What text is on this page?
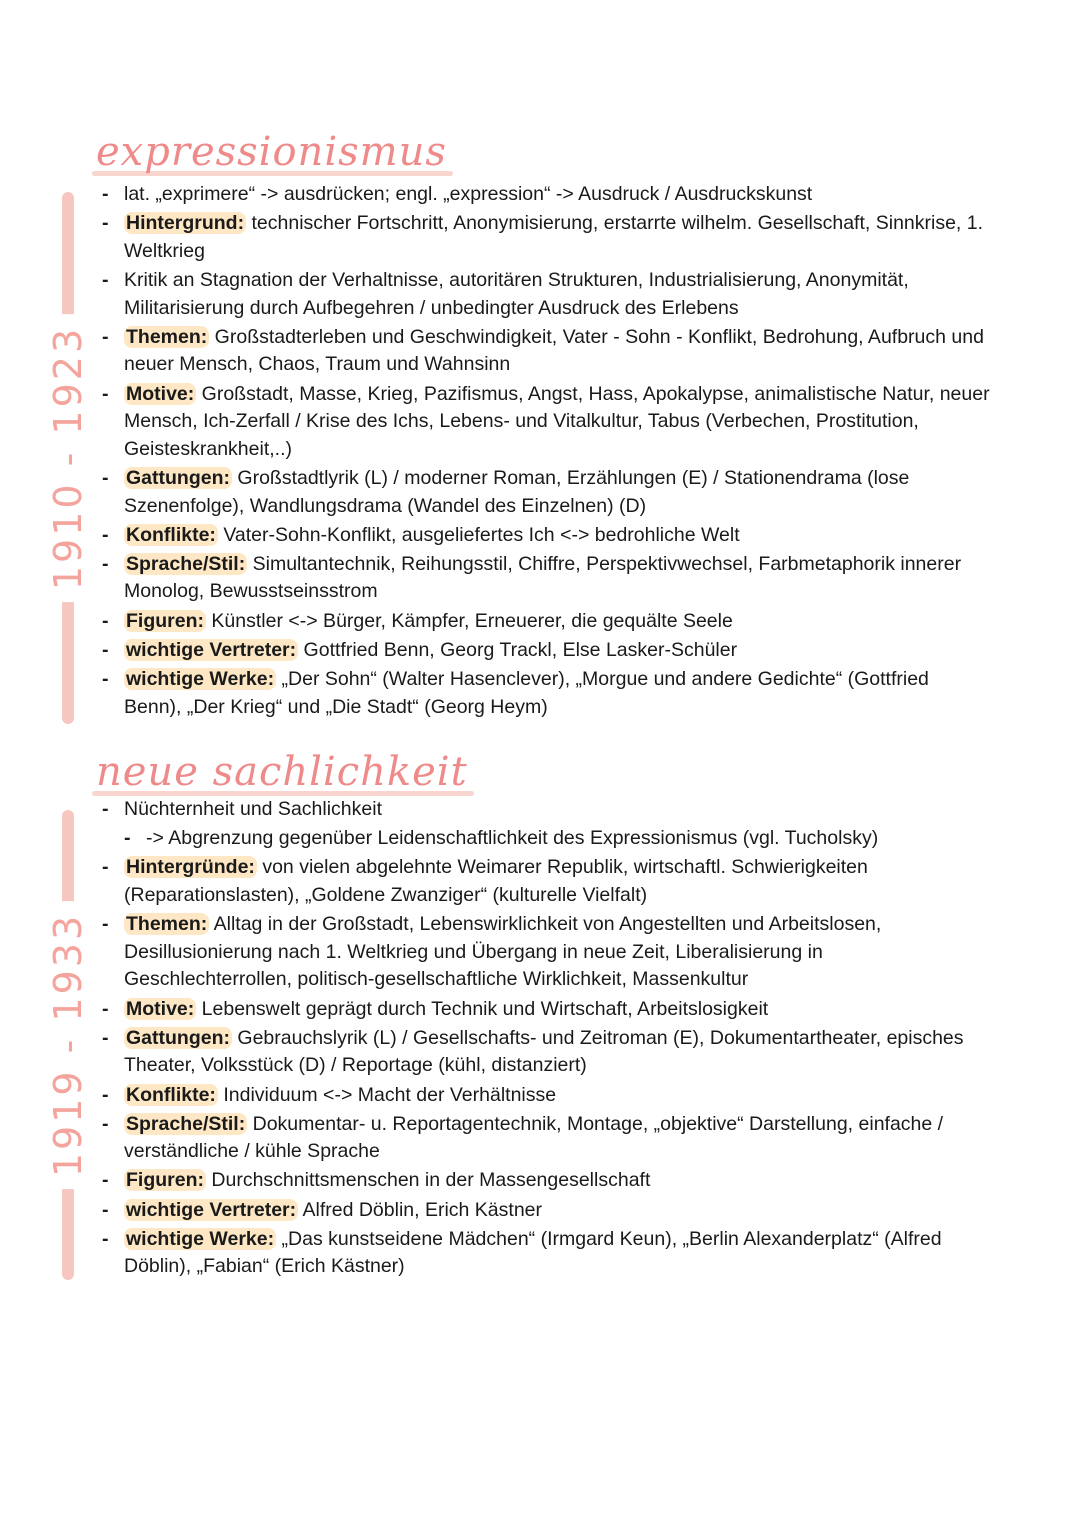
expressionismus
1910 - 1923
- lat. „exprimere“ -> ausdrücken; engl. „expression“ -> Ausdruck / Ausdruckskunst
- Hintergrund: technischer Fortschritt, Anonymisierung, erstarrte wilhelm. Gesellschaft, Sinnkrise, 1. Weltkrieg
- Kritik an Stagnation der Verhaltnisse, autoritären Strukturen, Industrialisierung, Anonymität, Militarisierung durch Aufbegehren / unbedingter Ausdruck des Erlebens
- Themen: Großstadterleben und Geschwindigkeit, Vater - Sohn - Konflikt, Bedrohung, Aufbruch und neuer Mensch, Chaos, Traum und Wahnsinn
- Motive: Großstadt, Masse, Krieg, Pazifismus, Angst, Hass, Apokalypse, animalistische Natur, neuer Mensch, Ich-Zerfall / Krise des Ichs, Lebens- und Vitalkultur, Tabus (Verbechen, Prostitution, Geisteskrankheit,..)
- Gattungen: Großstadtlyrik (L) / moderner Roman, Erzählungen (E) / Stationendrama (lose Szenenfolge), Wandlungsdrama (Wandel des Einzelnen) (D)
- Konflikte: Vater-Sohn-Konflikt, ausgeliefertes Ich <-> bedrohliche Welt
- Sprache/Stil: Simultantechnik, Reihungsstil, Chiffre, Perspektivwechsel, Farbmetaphorik innerer Monolog, Bewusstseinsstrom
- Figuren: Künstler <-> Bürger, Kämpfer, Erneuerer, die gequälte Seele
- wichtige Vertreter: Gottfried Benn, Georg Trackl, Else Lasker-Schüler
- wichtige Werke: „Der Sohn“ (Walter Hasenclever), „Morgue und andere Gedichte“ (Gottfried Benn), „Der Krieg“ und „Die Stadt“ (Georg Heym)
neue sachlichkeit
1919 - 1933
- Nüchternheit und Sachlichkeit
- -> Abgrenzung gegenüber Leidenschaftlichkeit des Expressionismus (vgl. Tucholsky)
- Hintergründe: von vielen abgelehnte Weimarer Republik, wirtschaftl. Schwierigkeiten (Reparationslasten), „Goldene Zwanziger“ (kulturelle Vielfalt)
- Themen: Alltag in der Großstadt, Lebenswirklichkeit von Angestellten und Arbeitslosen, Desillusionierung nach 1. Weltkrieg und Übergang in neue Zeit, Liberalisierung in Geschlechterrollen, politisch-gesellschaftliche Wirklichkeit, Massenkultur
- Motive: Lebenswelt geprägt durch Technik und Wirtschaft, Arbeitslosigkeit
- Gattungen: Gebrauchslyrik (L) / Gesellschafts- und Zeitroman (E), Dokumentartheater, episches Theater, Volksstück (D) / Reportage (kühl, distanziert)
- Konflikte: Individuum <-> Macht der Verhältnisse
- Sprache/Stil: Dokumentar- u. Reportagentechnik, Montage, „objektive“ Darstellung, einfache / verständliche / kühle Sprache
- Figuren: Durchschnittsmenschen in der Massengesellschaft
- wichtige Vertreter: Alfred Döblin, Erich Kästner
- wichtige Werke: „Das kunstseidene Mädchen“ (Irmgard Keun), „Berlin Alexanderplatz“ (Alfred Döblin), „Fabian“ (Erich Kästner)
